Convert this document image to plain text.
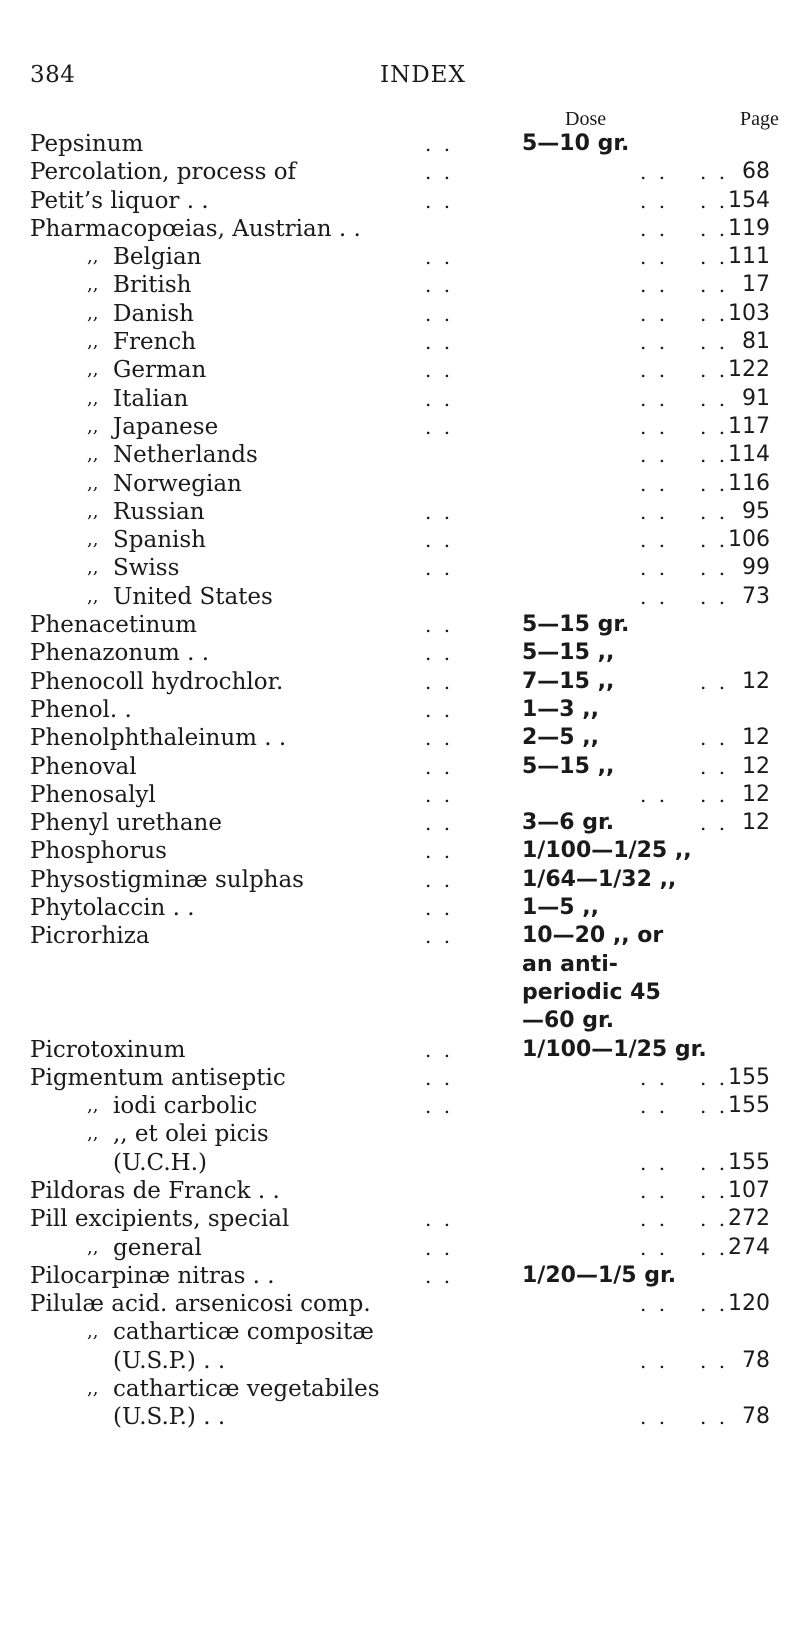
384	INDEX
Dose	Page
Pepsinum	. .	5—10 gr.
Percolation, process of	. .	. . . . 68
Petit’s liquor . .	. .	. . . . 154
Pharmacopœias, Austrian . .	. . . . 119
,, Belgian	. .	. . . . 111
,, British	. .	. . . . 17
,, Danish	. .	. . . . 103
,, French	. .	. . . . 81
,, German	. .	. . . . 122
,, Italian	. .	. . . . 91
,, Japanese	. .	. . . . 117
,, Netherlands	. . . . 114
,, Norwegian	. . . . 116
,, Russian	. .	. . . . 95
,, Spanish	. .	. . . . 106
,, Swiss	. .	. . . . 99
,, United States	. . . . 73
Phenacetinum	. .	5—15 gr.
Phenazonum . .	. .	5—15 ,,
Phenocoll hydrochlor.	. .	7—15 ,,	. . 12
Phenol. .	. .	1—3 ,,
Phenolphthaleinum . .	. .	2—5 ,,	. . 12
Phenoval	. .	5—15 ,,	. . 12
Phenosalyl	. .	. . . . 12
Phenyl urethane	. .	3—6 gr.	. . 12
Phosphorus	. .	1/100—1/25 ,,
Physostigminæ sulphas	. .	1/64—1/32 ,,
Phytolaccin . .	. .	1—5 ,,
Picrorhiza	. .	10—20 ,, or
an anti-
periodic 45
—60 gr.
Picrotoxinum	. .	1/100—1/25 gr.
Pigmentum antiseptic	. .	. . . . 155
,, iodi carbolic	. .	. . . . 155
,, ,, et olei picis
(U.C.H.)	. . . . 155
Pildoras de Franck . .	. . . . 107
Pill excipients, special	. .	. . . . 272
,, general	. .	. . . . 274
Pilocarpinæ nitras . .	. .	1/20—1/5 gr.
Pilulæ acid. arsenicosi comp.	. . . . 120
,, catharticæ compositæ
(U.S.P.) . .	. . . . 78
,, catharticæ vegetabiles
(U.S.P.) . .	. . . . 78
